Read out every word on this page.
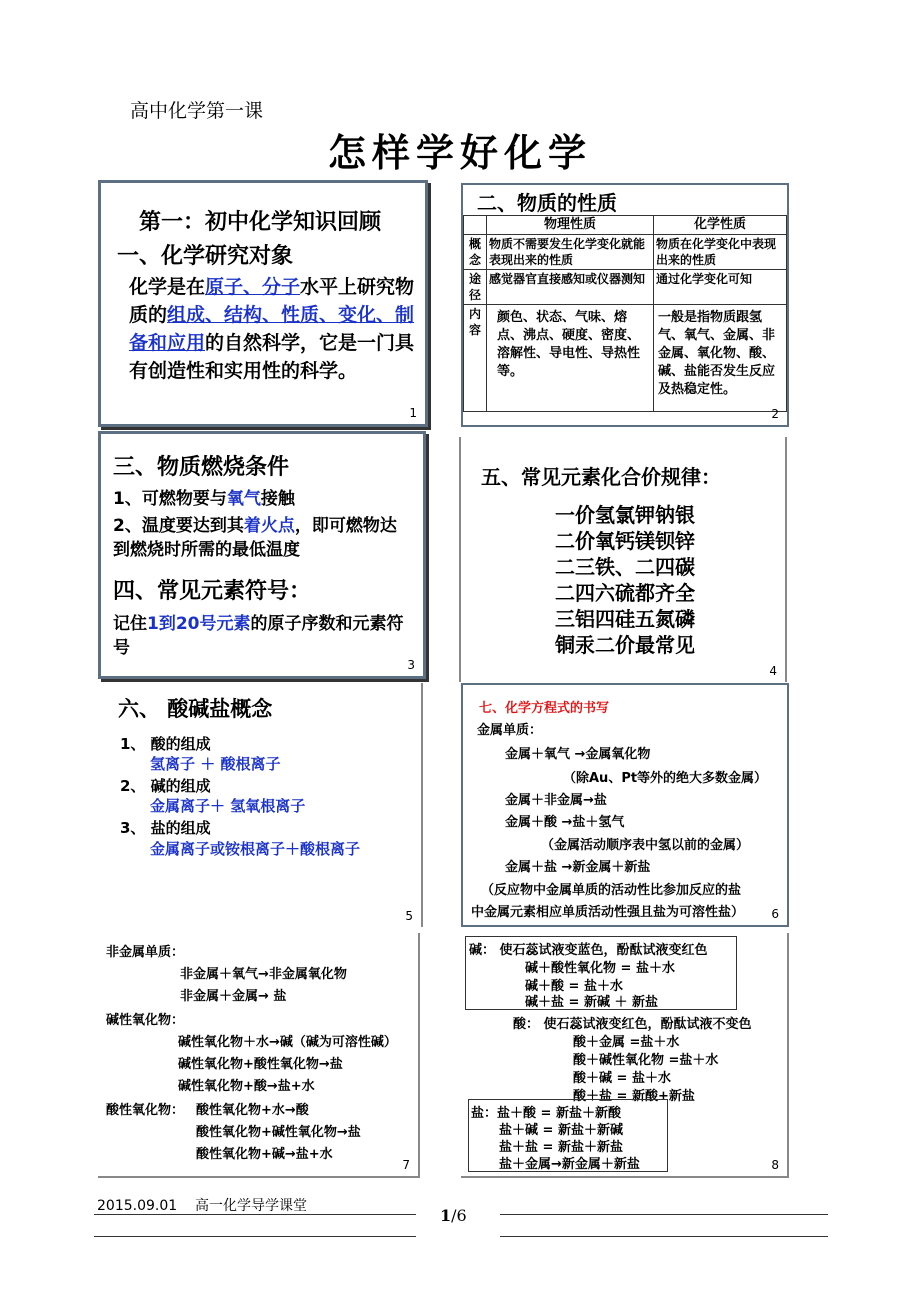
高中化学第一课
怎样学好化学
第一：初中化学知识回顾
一、化学研究对象
化学是在原子、分子水平上研究物质的组成、结构、性质、变化、制备和应用的自然科学，它是一门具有创造性和实用性的科学。
1
二、物质的性质
	物理性质	化学性质
概念	物质不需要发生化学变化就能表现出来的性质	物质在化学变化中表现出来的性质
途径	感觉器官直接感知或仪器测知	通过化学变化可知
内容	颜色、状态、气味、熔点、沸点、硬度、密度、溶解性、导电性、导热性等。	一般是指物质跟氢气、氧气、金属、非金属、氧化物、酸、碱、盐能否发生反应及热稳定性。
2
三、物质燃烧条件
1、可燃物要与氧气接触
2、温度要达到其着火点，即可燃物达到燃烧时所需的最低温度
四、常见元素符号：
记住1到20号元素的原子序数和元素符号
3
五、常见元素化合价规律：
一价氢氯钾钠银
二价氧钙镁钡锌
二三铁、二四碳
二四六硫都齐全
三铝四硅五氮磷
铜汞二价最常见
4
六、 酸碱盐概念
1、 酸的组成
氢离子 ＋ 酸根离子
2、 碱的组成
金属离子＋ 氢氧根离子
3、 盐的组成
金属离子或铵根离子＋酸根离子
5
七、化学方程式的书写
金属单质：
金属＋氧气 →金属氧化物
（除Au、Pt等外的绝大多数金属）
金属＋非金属→盐
金属＋酸 →盐＋氢气
（金属活动顺序表中氢以前的金属）
金属＋盐 →新金属＋新盐
（反应物中金属单质的活动性比参加反应的盐
中金属元素相应单质活动性强且盐为可溶性盐） 6
非金属单质：
非金属＋氧气→非金属氧化物
非金属＋金属→ 盐
碱性氧化物：
碱性氧化物＋水→碱（碱为可溶性碱）
碱性氧化物+酸性氧化物→盐
碱性氧化物+酸→盐+水
酸性氧化物： 酸性氧化物+水→酸
酸性氧化物+碱性氧化物→盐
酸性氧化物+碱→盐+水
7
碱： 使石蕊试液变蓝色，酚酞试液变红色
碱＋酸性氧化物 = 盐＋水
碱＋酸 = 盐＋水
碱＋盐 = 新碱 ＋ 新盐
酸： 使石蕊试液变红色，酚酞试液不变色
酸＋金属 =盐＋水
酸＋碱性氧化物 =盐＋水
酸＋碱 = 盐＋水
酸＋盐 = 新酸+新盐
盐：盐＋酸 = 新盐＋新酸
盐＋碱 = 新盐＋新碱
盐＋盐 = 新盐＋新盐
盐＋金属→新金属＋新盐	8
2015.09.01 高一化学导学课堂	1/6
